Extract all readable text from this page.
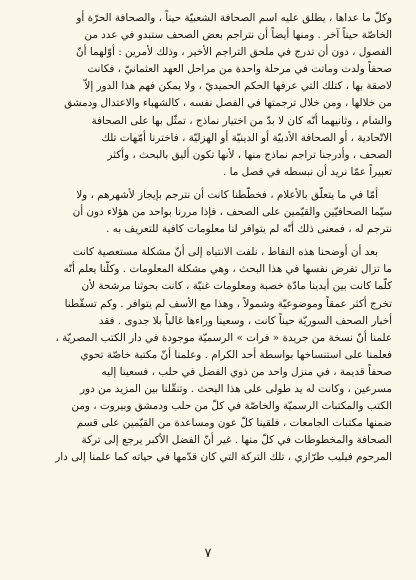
وكلّ ما عداها ، يطلق عليه اسم الصحافة الشعبيّة حيناً ، والصحافة الحرّة أو
الخاصّة حيناً آخر . ومنها أيضاً أن نتراجم بعض الصحف ستبدو في عدد من
الفصول ، دون أن تدرج في ملحق التراجم الأخير ، وذلك لأمرين : أوّلهما أنّ
صحفاً ولدت وماتت في مرحلة واحدة من مراحل العهد العثمانيّ ، فكانت
لاصقة بها ، كتلك التي عرفها الحكم الحميديّ ، ولا يمكن فهم هذا الدور إلاّ
من خلالها ، ومن خلال ترجمتها في الفصل نفسه ، كالشهباء والاعتدال ودمشق
والشام ، وثانيهما أنّه كان لا بدّ من اختيار نماذج ، تمثّل بها على الصحافة
الاتّحادية ، أو الصحافة الأدبيّة أو الدينيّة أو الهزليّة ، فاخترنا أمّهات تلك
الصحف ، وأدرجنا تراجم نماذج منها ، لأنها تكون أليق بالبحث ، وأكثر
تعبيراً عمّا نريد أن نبسطه في فصل ما .

أمّا في ما يتعلّق بالأعلام ، فخطّطنا كانت أن نترجم بإيجاز لأشهرهم ، ولا
سيّما الصحافيّين والقيّمين على الصحف ، فإذا مررنا بواحد من هؤلاء دون أن
نترجم له ، فمعنى ذلك أنّه لم يتوافر لنا معلومات كافية للتعريف به .

بعد أن أوضحنا هذه النقاط ، نلفت الانتباه إلى أنّ مشكلة مستعصية كانت
ما تزال تفرض نفسها في هذا البحث ، وهي مشكلة المعلومات . وكلّنا يعلم أنّه
كلّما كانت بين أيدينا مادّة خصبة ومعلومات غنيّة ، كانت بحوثنا مرشحة لأن
تخرج أكثر عمقاً وموضوعيّة وشمولاً ، وهذا مع الأسف لم يتوافر . وكم تسقّطنا
أخبار الصحف السوريّة حيناً كانت ، وسعينا وراءها غالباً بلا جدوى . فقد
علمنا أنّ نسخة من جريدة « فرات » الرسميّة موجودة في دار الكتب المصريّة ،
فعلمنا على استنساخها بواسطة أحد الكرام . وعلمنا أنّ مكتبة خاصّة تحوي
صحفاً قديمة ، في منزل واحد من ذوي الفضل في حلب ، فسعينا إليه
مسرعين ، وكانت له يد طولى على هذا البحث . وتنقّلنا بين المزيد من دور
الكتب والمكتبات الرسميّة والخاصّة في كلّ من حلب ودمشق وبيروت ، ومن
ضمنها مكتبات الجامعات ، فلقينا كلّ عون ومساعدة من القيّمين على قسم
الصحافة والمخطوطات في كلّ منها . غير أنّ الفضل الأكبر يرجع إلى تركة
المرحوم فيليب طرّازي ، تلك التركة التي كان قدّمها في حياته كما علمنا إلى دار

٧
